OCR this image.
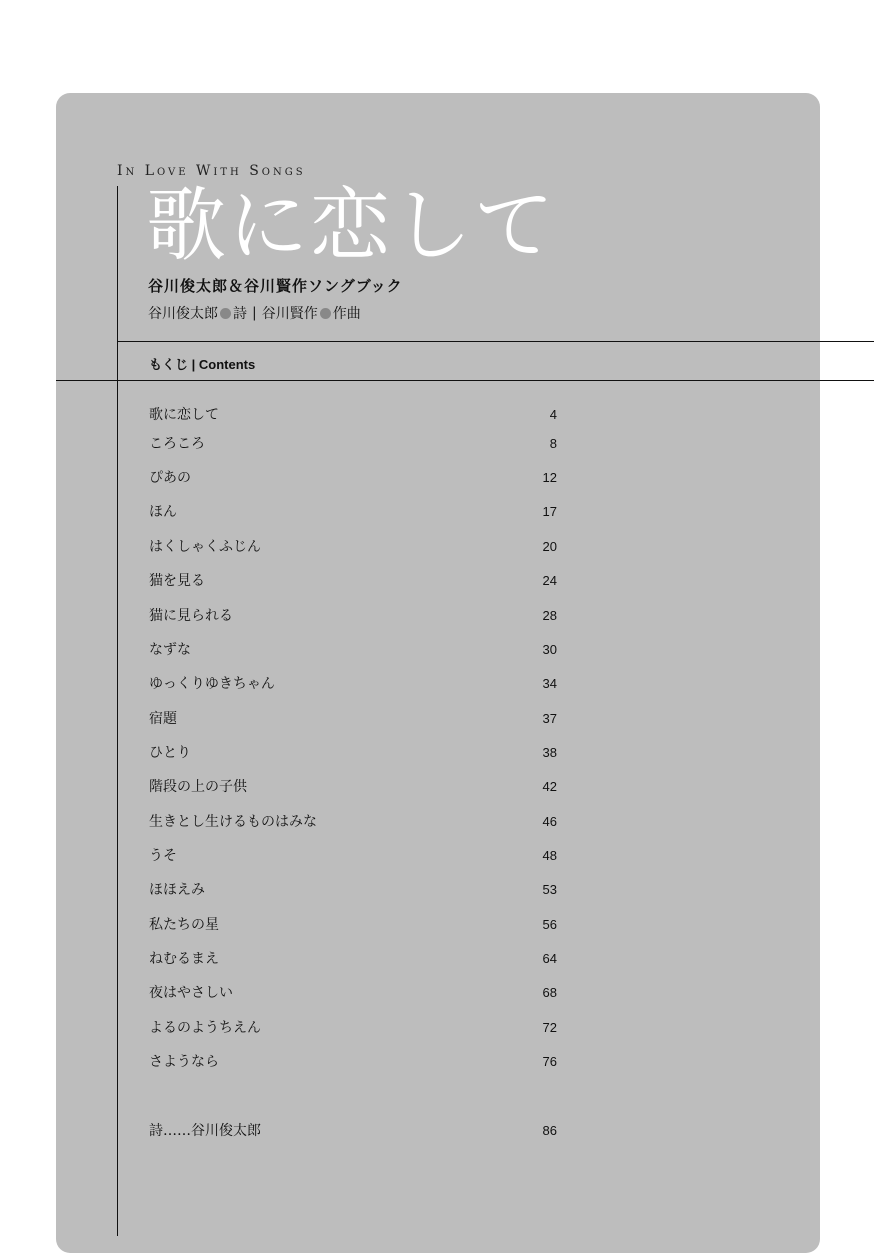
In Love With Songs
歌に恋して
谷川俊太郎＆谷川賢作ソングブック
谷川俊太郎 詩 | 谷川賢作 作曲
もくじ | Contents
歌に恋して	4
ころころ	8
ぴあの	12
ほん	17
はくしゃくふじん	20
猫を見る	24
猫に見られる	28
なずな	30
ゆっくりゆきちゃん	34
宿題	37
ひとり	38
階段の上の子供	42
生きとし生けるものはみな	46
うそ	48
ほほえみ	53
私たちの星	56
ねむるまえ	64
夜はやさしい	68
よるのようちえん	72
さようなら	76
詩……谷川俊太郎	86
